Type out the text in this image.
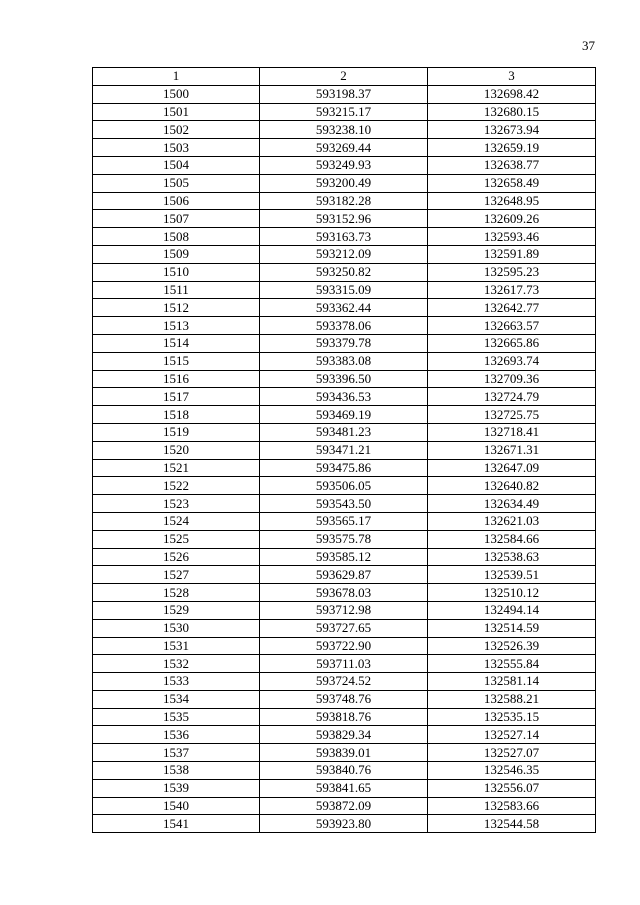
37
1	2	3
1500	593198.37	132698.42
1501	593215.17	132680.15
1502	593238.10	132673.94
1503	593269.44	132659.19
1504	593249.93	132638.77
1505	593200.49	132658.49
1506	593182.28	132648.95
1507	593152.96	132609.26
1508	593163.73	132593.46
1509	593212.09	132591.89
1510	593250.82	132595.23
1511	593315.09	132617.73
1512	593362.44	132642.77
1513	593378.06	132663.57
1514	593379.78	132665.86
1515	593383.08	132693.74
1516	593396.50	132709.36
1517	593436.53	132724.79
1518	593469.19	132725.75
1519	593481.23	132718.41
1520	593471.21	132671.31
1521	593475.86	132647.09
1522	593506.05	132640.82
1523	593543.50	132634.49
1524	593565.17	132621.03
1525	593575.78	132584.66
1526	593585.12	132538.63
1527	593629.87	132539.51
1528	593678.03	132510.12
1529	593712.98	132494.14
1530	593727.65	132514.59
1531	593722.90	132526.39
1532	593711.03	132555.84
1533	593724.52	132581.14
1534	593748.76	132588.21
1535	593818.76	132535.15
1536	593829.34	132527.14
1537	593839.01	132527.07
1538	593840.76	132546.35
1539	593841.65	132556.07
1540	593872.09	132583.66
1541	593923.80	132544.58
